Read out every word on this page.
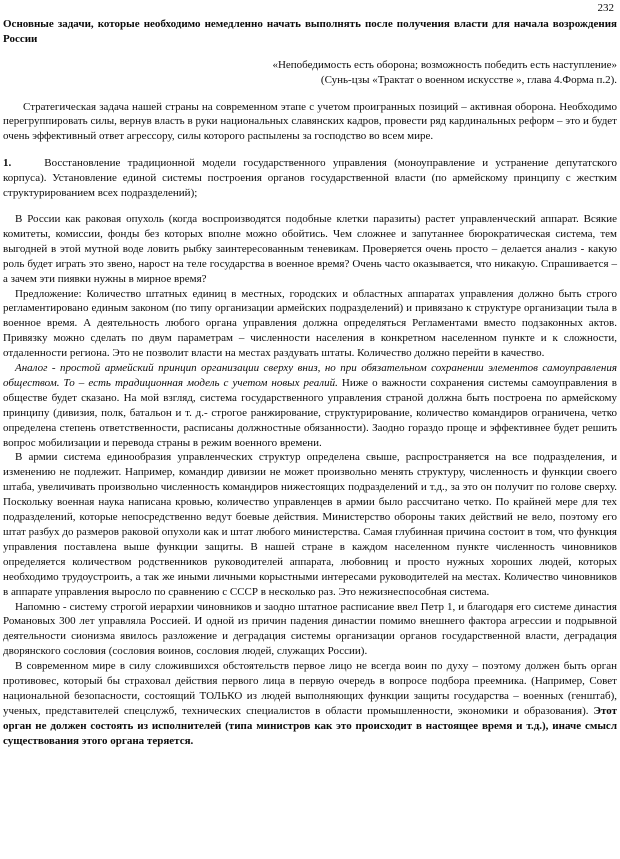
232
Основные задачи, которые необходимо немедленно начать выполнять после получения власти для начала возрождения России
«Непобедимость есть оборона; возможность победить есть наступление»
(Сунь-цзы «Трактат о военном искусстве », глава 4.Форма п.2).

Стратегическая задача нашей страны на современном этапе с учетом проигранных позиций – активная оборона. Необходимо перегруппировать силы, вернув власть в руки национальных славянских кадров, провести ряд кардинальных реформ – это и будет очень эффективный ответ агрессору, силы которого распылены за господство во всем мире.

1.	Восстановление традиционной модели государственного управления (моноуправление и устранение депутатского корпуса). Установление единой системы построения органов государственной власти (по армейскому принципу с жестким структурированием всех подразделений);

В России как раковая опухоль (когда воспроизводятся подобные клетки паразиты) растет управленческий аппарат. Всякие комитеты, комиссии, фонды без которых вполне можно обойтись. Чем сложнее и запутаннее бюрократическая система, тем выгодней в этой мутной воде ловить рыбку заинтересованным теневикам. Проверяется очень просто – делается анализ - какую роль будет играть это звено, нарост на теле государства в военное время? Очень часто оказывается, что никакую. Спрашивается – а зачем эти пиявки нужны в мирное время?

Предложение: Количество штатных единиц в местных, городских и областных аппаратах управления должно быть строго регламентировано единым законом (по типу организации армейских подразделений) и привязано к структуре организации тыла в военное время. А деятельность любого органа управления должна определяться Регламентами вместо подзаконных актов. Привязку можно сделать по двум параметрам – численности населения в конкретном населенном пункте и к сложности, отдаленности региона. Это не позволит власти на местах раздувать штаты. Количество должно перейти в качество.

Аналог - простой армейский принцип организации сверху вниз, но при обязательном сохранении элементов самоуправления обществом. То – есть традиционная модель с учетом новых реалий. Ниже о важности сохранения системы самоуправления в обществе будет сказано. На мой взгляд, система государственного управления страной должна быть построена по армейскому принципу (дивизия, полк, батальон и т. д.- строгое ранжирование, структурирование, количество командиров ограничена, четко определена степень ответственности, расписаны должностные обязанности). Заодно гораздо проще и эффективнее будет решить вопрос мобилизации и перевода страны в режим военного времени.

В армии система единообразия управленческих структур определена свыше, распространяется на все подразделения, и изменению не подлежит. Например, командир дивизии не может произвольно менять структуру, численность и функции своего штаба, увеличивать произвольно численность командиров нижестоящих подразделений и т.д., за это он получит по голове сверху. Поскольку военная наука написана кровью, количество управленцев в армии было рассчитано четко. По крайней мере для тех подразделений, которые непосредственно ведут боевые действия. Министерство обороны таких действий не вело, поэтому его штат разбух до размеров раковой опухоли как и штат любого министерства. Самая глубинная причина состоит в том, что функция управления поставлена выше функции защиты. В нашей стране в каждом населенном пункте численность чиновников определяется количеством родственников руководителей аппарата, любовниц и просто нужных хороших людей, которых необходимо трудоустроить, а так же иными личными корыстными интересами руководителей на местах. Количество чиновников в аппарате управления выросло по сравнению с СССР в несколько раз. Это нежизнеспособная система.

Напомню - систему строгой иерархии чиновников и заодно штатное расписание ввел Петр 1, и благодаря его системе династия Романовых 300 лет управляла Россией. И одной из причин падения династии помимо внешнего фактора агрессии и подрывной деятельности сионизма явилось разложение и деградация системы организации органов государственной власти, деградация дворянского сословия (сословия воинов, сословия людей, служащих России).

В современном мире в силу сложившихся обстоятельств первое лицо не всегда воин по духу – поэтому должен быть орган противовес, который бы страховал действия первого лица в первую очередь в вопросе подбора преемника. (Например, Совет национальной безопасности, состоящий ТОЛЬКО из людей выполняющих функции защиты государства – военных (генштаб), ученых, представителей спецслужб, технических специалистов в области промышленности, экономики и образования). Этот орган не должен состоять из исполнителей (типа министров как это происходит в настоящее время и т.д.), иначе смысл существования этого органа теряется.
